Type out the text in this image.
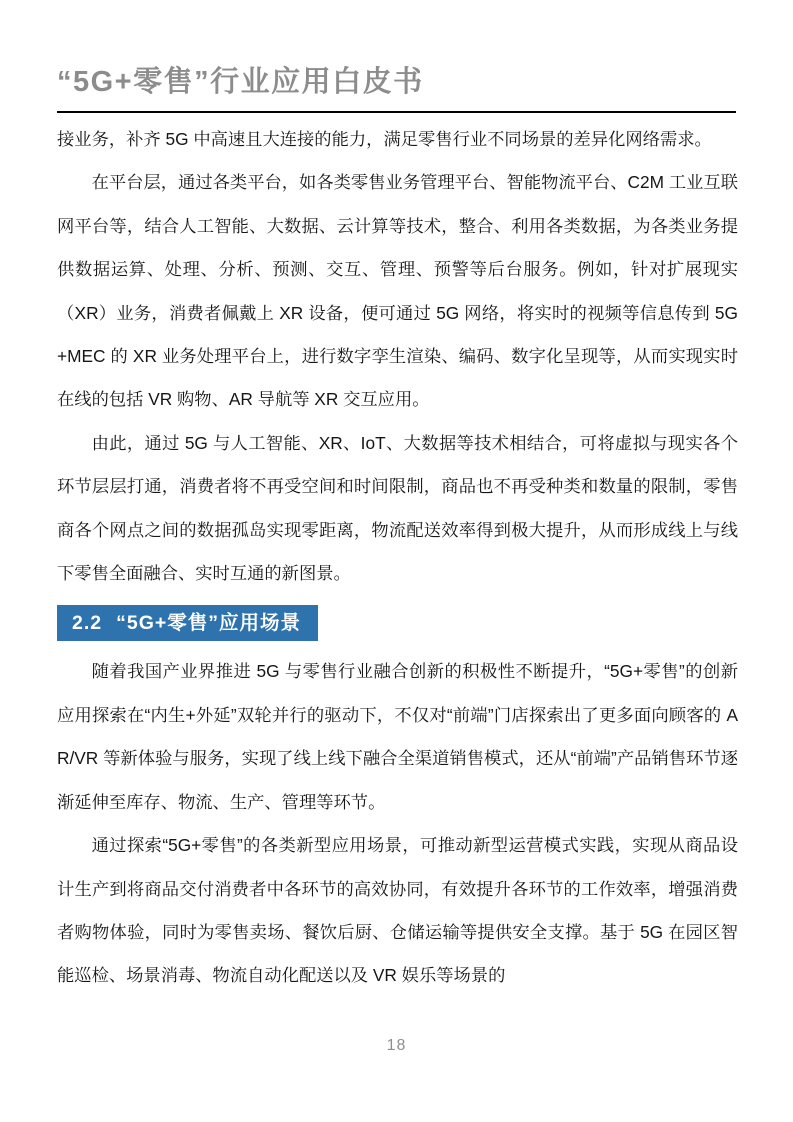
“5G+零售”行业应用白皮书

接业务，补齐 5G 中高速且大连接的能力，满足零售行业不同场景的差异化网络需求。

在平台层，通过各类平台，如各类零售业务管理平台、智能物流平台、C2M 工业互联网平台等，结合人工智能、大数据、云计算等技术，整合、利用各类数据，为各类业务提供数据运算、处理、分析、预测、交互、管理、预警等后台服务。例如，针对扩展现实（XR）业务，消费者佩戴上 XR 设备，便可通过 5G 网络，将实时的视频等信息传到 5G+MEC 的 XR 业务处理平台上，进行数字孪生渲染、编码、数字化呈现等，从而实现实时在线的包括 VR 购物、AR 导航等 XR 交互应用。

由此，通过 5G 与人工智能、XR、IoT、大数据等技术相结合，可将虚拟与现实各个环节层层打通，消费者将不再受空间和时间限制，商品也不再受种类和数量的限制，零售商各个网点之间的数据孤岛实现零距离，物流配送效率得到极大提升，从而形成线上与线下零售全面融合、实时互通的新图景。

2.2 “5G+零售”应用场景

随着我国产业界推进 5G 与零售行业融合创新的积极性不断提升，“5G+零售”的创新应用探索在“内生+外延”双轮并行的驱动下，不仅对“前端”门店探索出了更多面向顾客的 AR/VR 等新体验与服务，实现了线上线下融合全渠道销售模式，还从“前端”产品销售环节逐渐延伸至库存、物流、生产、管理等环节。

通过探索“5G+零售”的各类新型应用场景，可推动新型运营模式实践，实现从商品设计生产到将商品交付消费者中各环节的高效协同，有效提升各环节的工作效率，增强消费者购物体验，同时为零售卖场、餐饮后厨、仓储运输等提供安全支撑。基于 5G 在园区智能巡检、场景消毒、物流自动化配送以及 VR 娱乐等场景的

18
